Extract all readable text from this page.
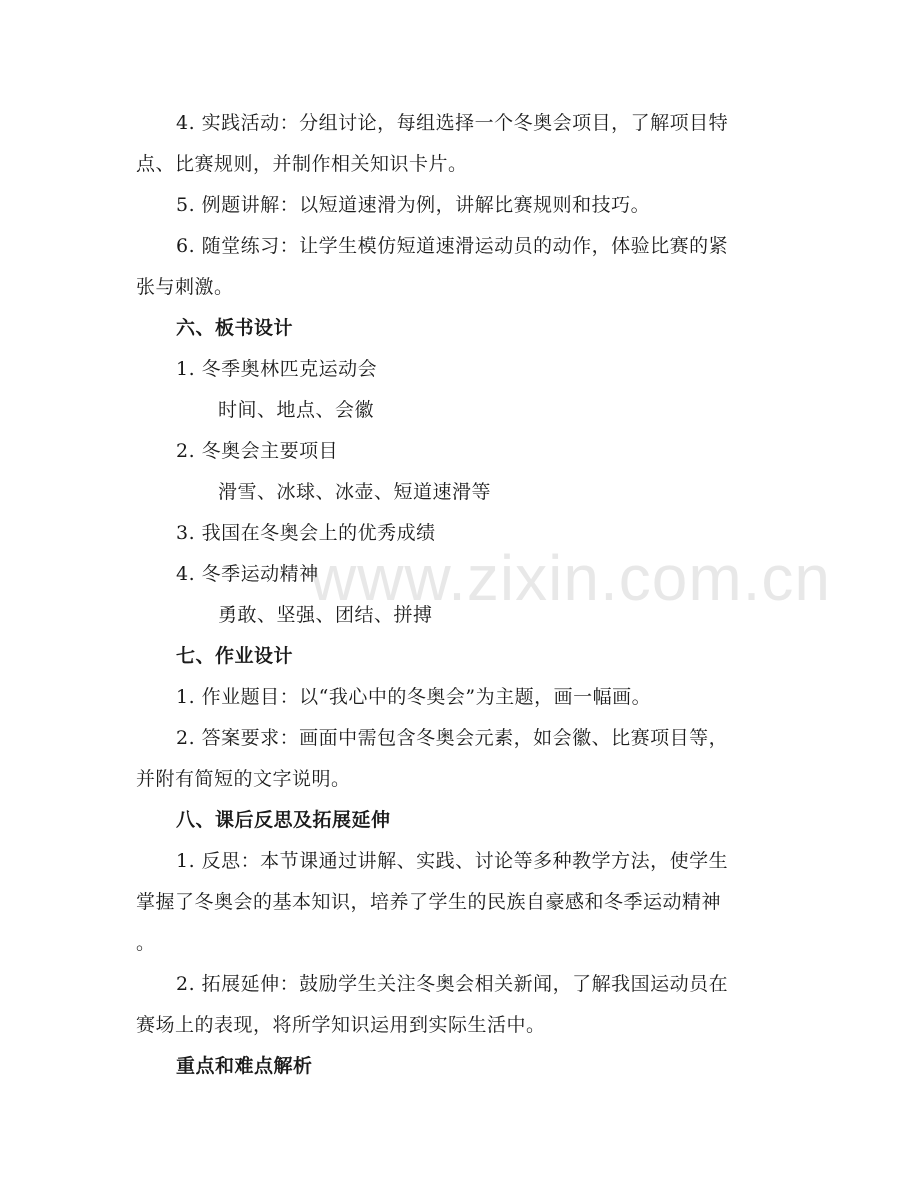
www.zixin.com.cn
4. 实践活动：分组讨论，每组选择一个冬奥会项目，了解项目特
点、比赛规则，并制作相关知识卡片。
5. 例题讲解：以短道速滑为例，讲解比赛规则和技巧。
6. 随堂练习：让学生模仿短道速滑运动员的动作，体验比赛的紧
张与刺激。
六、板书设计
1. 冬季奥林匹克运动会
时间、地点、会徽
2. 冬奥会主要项目
滑雪、冰球、冰壶、短道速滑等
3. 我国在冬奥会上的优秀成绩
4. 冬季运动精神
勇敢、坚强、团结、拼搏
七、作业设计
1. 作业题目：以“我心中的冬奥会”为主题，画一幅画。
2. 答案要求：画面中需包含冬奥会元素，如会徽、比赛项目等，
并附有简短的文字说明。
八、课后反思及拓展延伸
1. 反思：本节课通过讲解、实践、讨论等多种教学方法，使学生
掌握了冬奥会的基本知识，培养了学生的民族自豪感和冬季运动精神
。
2. 拓展延伸：鼓励学生关注冬奥会相关新闻，了解我国运动员在
赛场上的表现，将所学知识运用到实际生活中。
重点和难点解析
